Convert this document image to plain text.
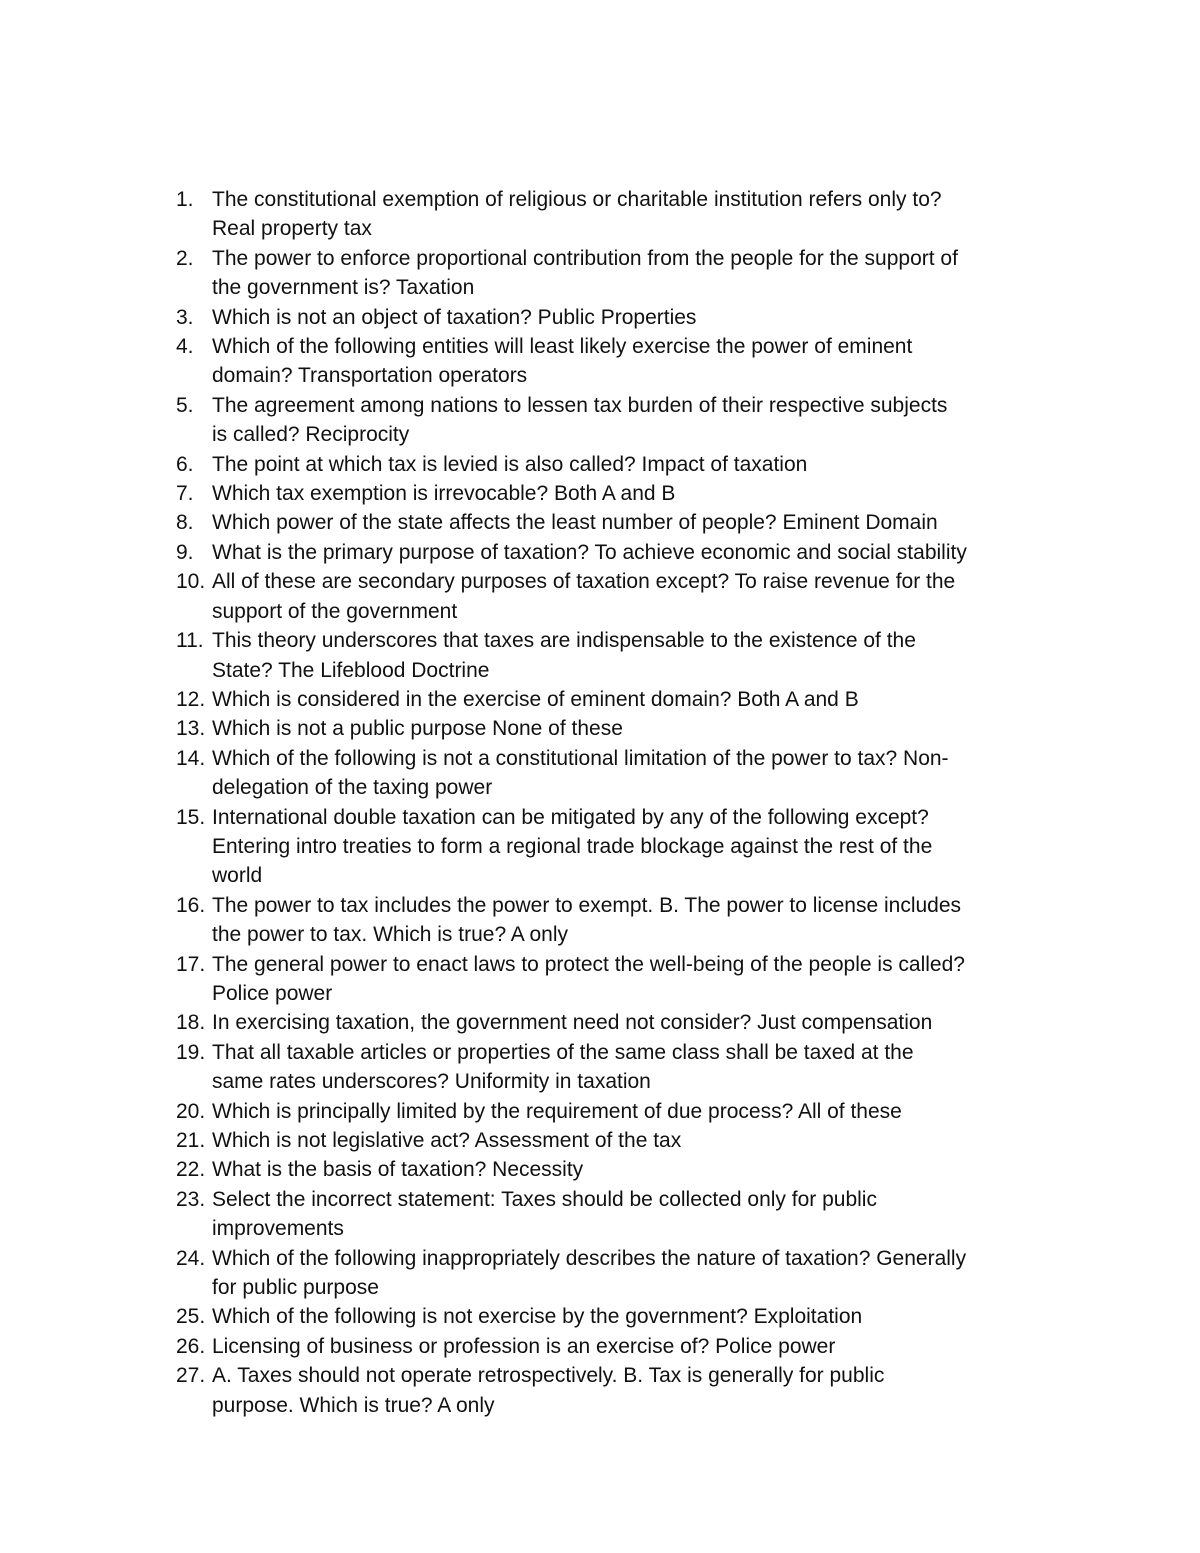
1. The constitutional exemption of religious or charitable institution refers only to?
Real property tax
2. The power to enforce proportional contribution from the people for the support of
the government is? Taxation
3. Which is not an object of taxation? Public Properties
4. Which of the following entities will least likely exercise the power of eminent
domain? Transportation operators
5. The agreement among nations to lessen tax burden of their respective subjects
is called? Reciprocity
6. The point at which tax is levied is also called? Impact of taxation
7. Which tax exemption is irrevocable? Both A and B
8. Which power of the state affects the least number of people? Eminent Domain
9. What is the primary purpose of taxation? To achieve economic and social stability
10. All of these are secondary purposes of taxation except? To raise revenue for the
support of the government
11. This theory underscores that taxes are indispensable to the existence of the
State? The Lifeblood Doctrine
12. Which is considered in the exercise of eminent domain? Both A and B
13. Which is not a public purpose None of these
14. Which of the following is not a constitutional limitation of the power to tax? Non-
delegation of the taxing power
15. International double taxation can be mitigated by any of the following except?
Entering intro treaties to form a regional trade blockage against the rest of the
world
16. The power to tax includes the power to exempt. B. The power to license includes
the power to tax. Which is true? A only
17. The general power to enact laws to protect the well-being of the people is called?
Police power
18. In exercising taxation, the government need not consider? Just compensation
19. That all taxable articles or properties of the same class shall be taxed at the
same rates underscores? Uniformity in taxation
20. Which is principally limited by the requirement of due process? All of these
21. Which is not legislative act? Assessment of the tax
22. What is the basis of taxation? Necessity
23. Select the incorrect statement: Taxes should be collected only for public
improvements
24. Which of the following inappropriately describes the nature of taxation? Generally
for public purpose
25. Which of the following is not exercise by the government? Exploitation
26. Licensing of business or profession is an exercise of? Police power
27. A. Taxes should not operate retrospectively. B. Tax is generally for public
purpose. Which is true? A only
